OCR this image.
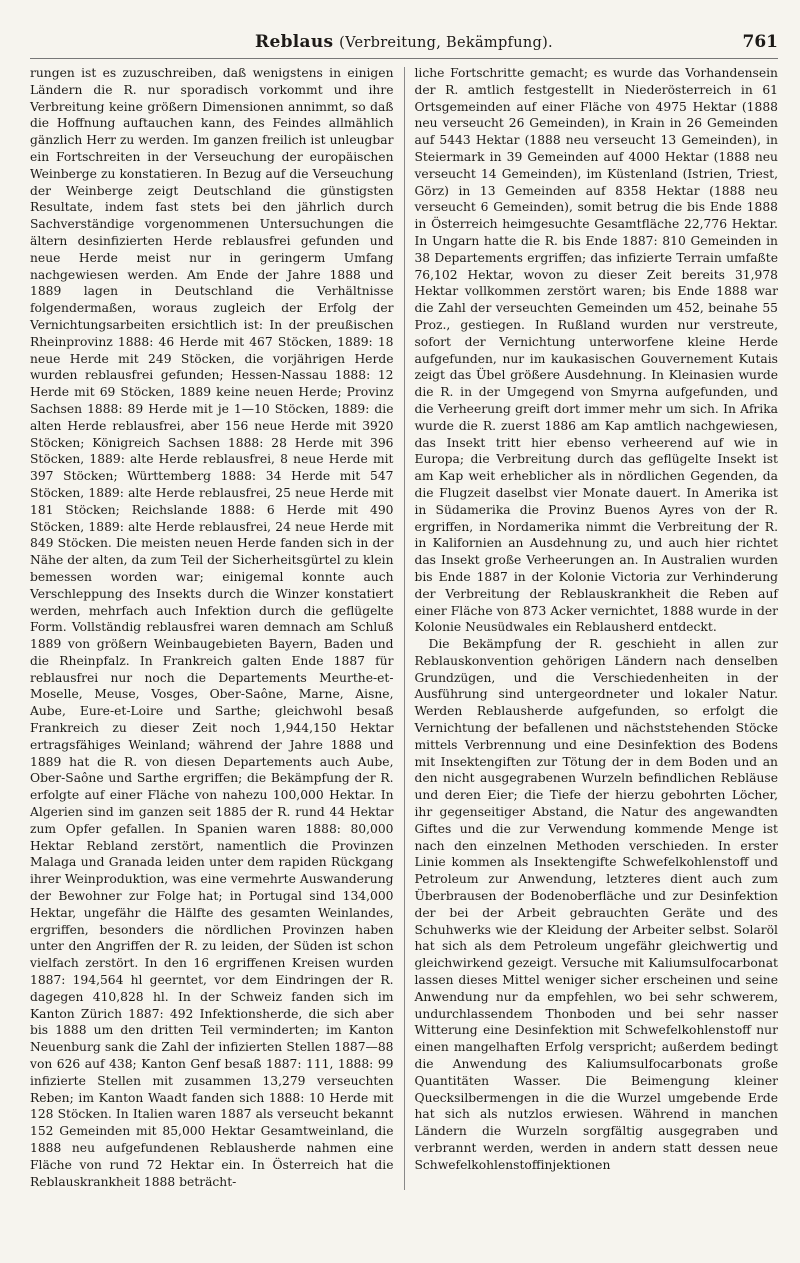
Reblaus (Verbreitung, Bekämpfung).	761

rungen ist es zuzuschreiben, daß wenigstens in einigen Ländern die R. nur sporadisch vorkommt und ihre Verbreitung keine größern Dimensionen annimmt, so daß die Hoffnung auftauchen kann, des Feindes allmählich gänzlich Herr zu werden. Im ganzen freilich ist unleugbar ein Fortschreiten in der Verseuchung der europäischen Weinberge zu konstatieren. In Bezug auf die Verseuchung der Weinberge zeigt Deutschland die günstigsten Resultate, indem fast stets bei den jährlich durch Sachverständige vorgenommenen Untersuchungen die ältern desinfizierten Herde reblausfrei gefunden und neue Herde meist nur in geringerm Umfang nachgewiesen werden. Am Ende der Jahre 1888 und 1889 lagen in Deutschland die Verhältnisse folgendermaßen, woraus zugleich der Erfolg der Vernichtungsarbeiten ersichtlich ist: In der preußischen Rheinprovinz 1888: 46 Herde mit 467 Stöcken, 1889: 18 neue Herde mit 249 Stöcken, die vorjährigen Herde wurden reblausfrei gefunden; Hessen-Nassau 1888: 12 Herde mit 69 Stöcken, 1889 keine neuen Herde; Provinz Sachsen 1888: 89 Herde mit je 1—10 Stöcken, 1889: die alten Herde reblausfrei, aber 156 neue Herde mit 3920 Stöcken; Königreich Sachsen 1888: 28 Herde mit 396 Stöcken, 1889: alte Herde reblausfrei, 8 neue Herde mit 397 Stöcken; Württemberg 1888: 34 Herde mit 547 Stöcken, 1889: alte Herde reblausfrei, 25 neue Herde mit 181 Stöcken; Reichslande 1888: 6 Herde mit 490 Stöcken, 1889: alte Herde reblausfrei, 24 neue Herde mit 849 Stöcken. Die meisten neuen Herde fanden sich in der Nähe der alten, da zum Teil der Sicherheitsgürtel zu klein bemessen worden war; einigemal konnte auch Verschleppung des Insekts durch die Winzer konstatiert werden, mehrfach auch Infektion durch die geflügelte Form. Vollständig reblausfrei waren demnach am Schluß 1889 von größern Weinbaugebieten Bayern, Baden und die Rheinpfalz. In Frankreich galten Ende 1887 für reblausfrei nur noch die Departements Meurthe-et-Moselle, Meuse, Vosges, Ober-Saône, Marne, Aisne, Aube, Eure-et-Loire und Sarthe; gleichwohl besaß Frankreich zu dieser Zeit noch 1,944,150 Hektar ertragsfähiges Weinland; während der Jahre 1888 und 1889 hat die R. von diesen Departements auch Aube, Ober-Saône und Sarthe ergriffen; die Bekämpfung der R. erfolgte auf einer Fläche von nahezu 100,000 Hektar. In Algerien sind im ganzen seit 1885 der R. rund 44 Hektar zum Opfer gefallen. In Spanien waren 1888: 80,000 Hektar Rebland zerstört, namentlich die Provinzen Malaga und Granada leiden unter dem rapiden Rückgang ihrer Weinproduktion, was eine vermehrte Auswanderung der Bewohner zur Folge hat; in Portugal sind 134,000 Hektar, ungefähr die Hälfte des gesamten Weinlandes, ergriffen, besonders die nördlichen Provinzen haben unter den Angriffen der R. zu leiden, der Süden ist schon vielfach zerstört. In den 16 ergriffenen Kreisen wurden 1887: 194,564 hl geerntet, vor dem Eindringen der R. dagegen 410,828 hl. In der Schweiz fanden sich im Kanton Zürich 1887: 492 Infektionsherde, die sich aber bis 1888 um den dritten Teil verminderten; im Kanton Neuenburg sank die Zahl der infizierten Stellen 1887—88 von 626 auf 438; Kanton Genf besaß 1887: 111, 1888: 99 infizierte Stellen mit zusammen 13,279 verseuchten Reben; im Kanton Waadt fanden sich 1888: 10 Herde mit 128 Stöcken. In Italien waren 1887 als verseucht bekannt 152 Gemeinden mit 85,000 Hektar Gesamtweinland, die 1888 neu aufgefundenen Reblausherde nahmen eine Fläche von rund 72 Hektar ein. In Österreich hat die Reblauskrankheit 1888 beträcht-

liche Fortschritte gemacht; es wurde das Vorhandensein der R. amtlich festgestellt in Niederösterreich in 61 Ortsgemeinden auf einer Fläche von 4975 Hektar (1888 neu verseucht 26 Gemeinden), in Krain in 26 Gemeinden auf 5443 Hektar (1888 neu verseucht 13 Gemeinden), in Steiermark in 39 Gemeinden auf 4000 Hektar (1888 neu verseucht 14 Gemeinden), im Küstenland (Istrien, Triest, Görz) in 13 Gemeinden auf 8358 Hektar (1888 neu verseucht 6 Gemeinden), somit betrug die bis Ende 1888 in Österreich heimgesuchte Gesamtfläche 22,776 Hektar. In Ungarn hatte die R. bis Ende 1887: 810 Gemeinden in 38 Departements ergriffen; das infizierte Terrain umfaßte 76,102 Hektar, wovon zu dieser Zeit bereits 31,978 Hektar vollkommen zerstört waren; bis Ende 1888 war die Zahl der verseuchten Gemeinden um 452, beinahe 55 Proz., gestiegen. In Rußland wurden nur verstreute, sofort der Vernichtung unterworfene kleine Herde aufgefunden, nur im kaukasischen Gouvernement Kutais zeigt das Übel größere Ausdehnung. In Kleinasien wurde die R. in der Umgegend von Smyrna aufgefunden, und die Verheerung greift dort immer mehr um sich. In Afrika wurde die R. zuerst 1886 am Kap amtlich nachgewiesen, das Insekt tritt hier ebenso verheerend auf wie in Europa; die Verbreitung durch das geflügelte Insekt ist am Kap weit erheblicher als in nördlichen Gegenden, da die Flugzeit daselbst vier Monate dauert. In Amerika ist in Südamerika die Provinz Buenos Ayres von der R. ergriffen, in Nordamerika nimmt die Verbreitung der R. in Kalifornien an Ausdehnung zu, und auch hier richtet das Insekt große Verheerungen an. In Australien wurden bis Ende 1887 in der Kolonie Victoria zur Verhinderung der Verbreitung der Reblauskrankheit die Reben auf einer Fläche von 873 Acker vernichtet, 1888 wurde in der Kolonie Neusüdwales ein Reblausherd entdeckt.

Die Bekämpfung der R. geschieht in allen zur Reblauskonvention gehörigen Ländern nach denselben Grundzügen, und die Verschiedenheiten in der Ausführung sind untergeordneter und lokaler Natur. Werden Reblausherde aufgefunden, so erfolgt die Vernichtung der befallenen und nächststehenden Stöcke mittels Verbrennung und eine Desinfektion des Bodens mit Insektengiften zur Tötung der in dem Boden und an den nicht ausgegrabenen Wurzeln befindlichen Rebläuse und deren Eier; die Tiefe der hierzu gebohrten Löcher, ihr gegenseitiger Abstand, die Natur des angewandten Giftes und die zur Verwendung kommende Menge ist nach den einzelnen Methoden verschieden. In erster Linie kommen als Insektengifte Schwefelkohlenstoff und Petroleum zur Anwendung, letzteres dient auch zum Überbrausen der Bodenoberfläche und zur Desinfektion der bei der Arbeit gebrauchten Geräte und des Schuhwerks wie der Kleidung der Arbeiter selbst. Solaröl hat sich als dem Petroleum ungefähr gleichwertig und gleichwirkend gezeigt. Versuche mit Kaliumsulfocarbonat lassen dieses Mittel weniger sicher erscheinen und seine Anwendung nur da empfehlen, wo bei sehr schwerem, undurchlassendem Thonboden und bei sehr nasser Witterung eine Desinfektion mit Schwefelkohlenstoff nur einen mangelhaften Erfolg verspricht; außerdem bedingt die Anwendung des Kaliumsulfocarbonats große Quantitäten Wasser. Die Beimengung kleiner Quecksilbermengen in die die Wurzel umgebende Erde hat sich als nutzlos erwiesen. Während in manchen Ländern die Wurzeln sorgfältig ausgegraben und verbrannt werden, werden in andern statt dessen neue Schwefelkohlenstoffinjektionen
